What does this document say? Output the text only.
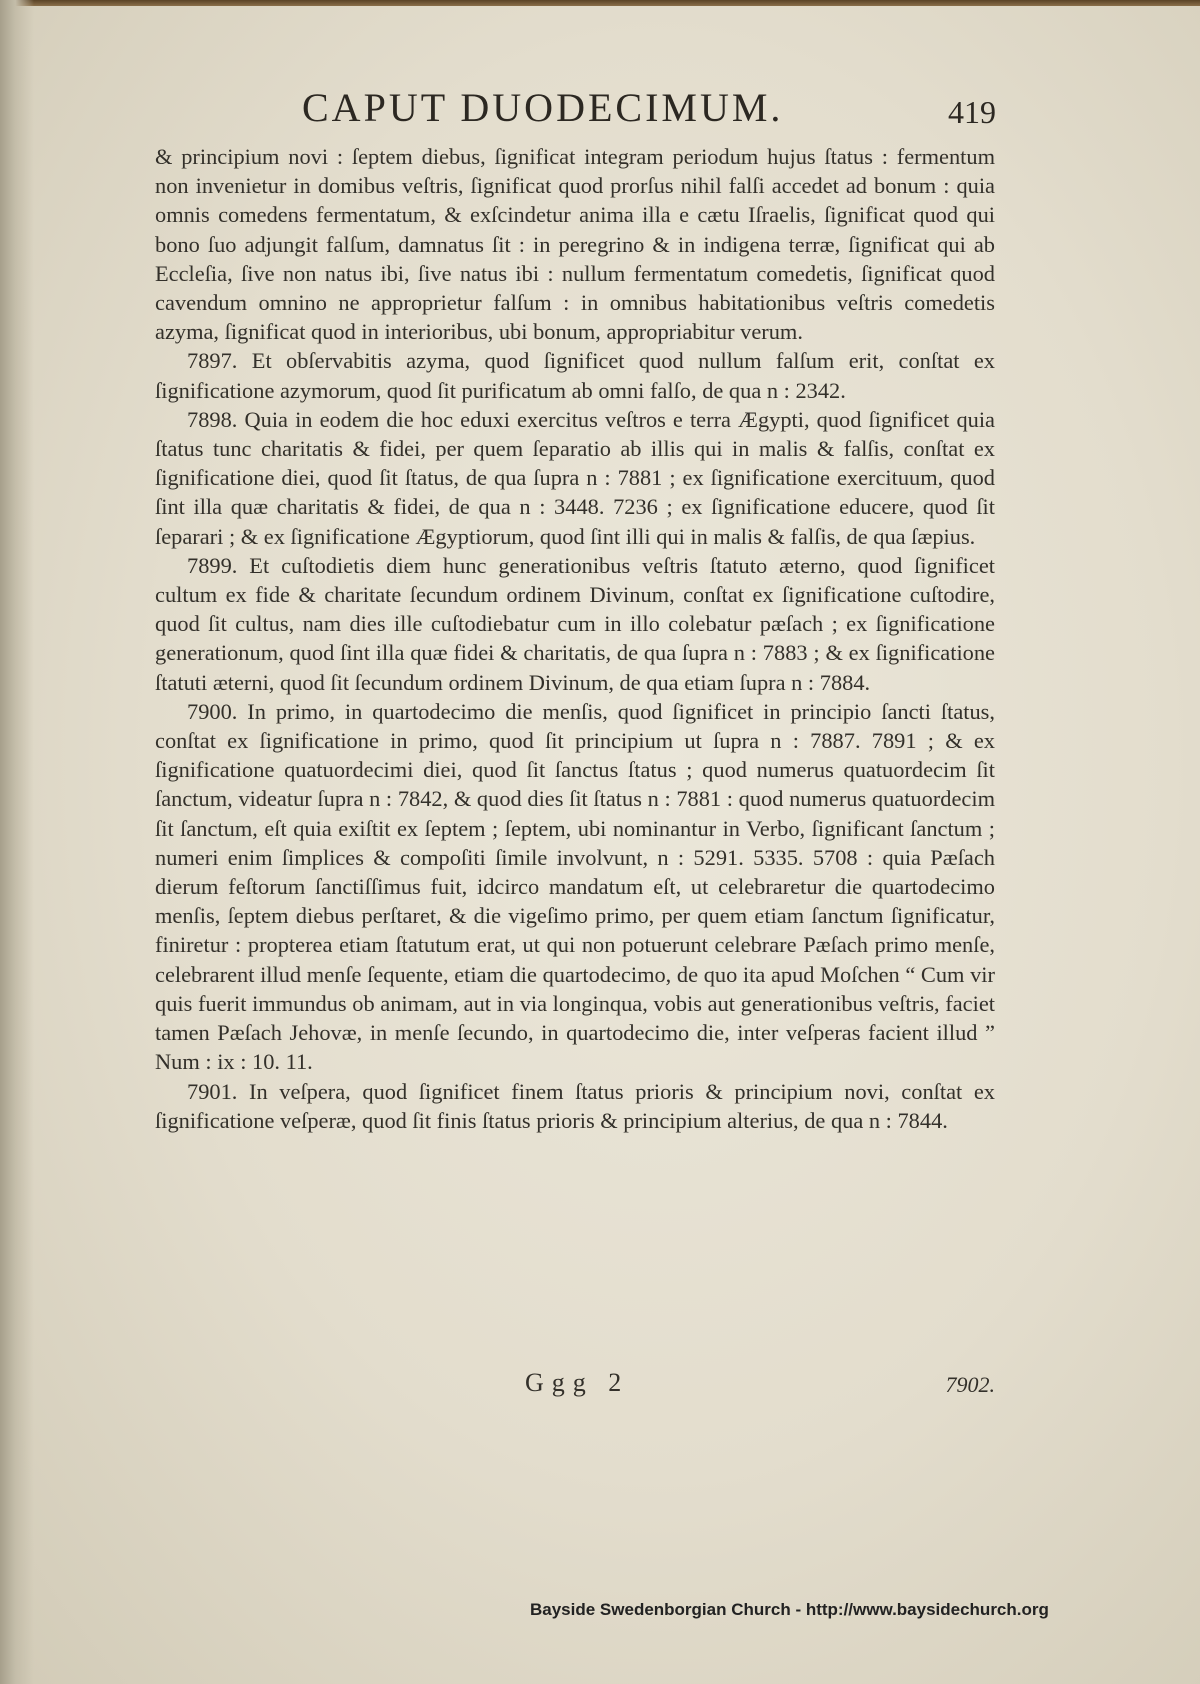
CAPUT DUODECIMUM.	419

& principium novi : ſeptem diebus, ſignificat integram periodum hujus ſtatus : fermentum non invenietur in domibus veſtris, ſignificat quod prorſus nihil falſi accedet ad bonum : quia omnis comedens fermentatum, & exſcindetur anima illa e cætu Iſraelis, ſignificat quod qui bono ſuo adjungit falſum, damnatus ſit : in peregrino & in indigena terræ, ſignificat qui ab Eccleſia, ſive non natus ibi, ſive natus ibi : nullum fermentatum comedetis, ſignificat quod cavendum omnino ne approprietur falſum : in omnibus habitationibus veſtris comedetis azyma, ſignificat quod in interioribus, ubi bonum, appropriabitur verum.

7897. Et obſervabitis azyma, quod ſignificet quod nullum falſum erit, conſtat ex ſignificatione azymorum, quod ſit purificatum ab omni falſo, de qua n : 2342.

7898. Quia in eodem die hoc eduxi exercitus veſtros e terra Ægypti, quod ſignificet quia ſtatus tunc charitatis & fidei, per quem ſeparatio ab illis qui in malis & falſis, conſtat ex ſignificatione diei, quod ſit ſtatus, de qua ſupra n : 7881 ; ex ſignificatione exercituum, quod ſint illa quæ charitatis & fidei, de qua n : 3448. 7236 ; ex ſignificatione educere, quod ſit ſeparari ; & ex ſignificatione Ægyptiorum, quod ſint illi qui in malis & falſis, de qua ſæpius.

7899. Et cuſtodietis diem hunc generationibus veſtris ſtatuto æterno, quod ſignificet cultum ex fide & charitate ſecundum ordinem Divinum, conſtat ex ſignificatione cuſtodire, quod ſit cultus, nam dies ille cuſtodiebatur cum in illo colebatur pæſach ; ex ſignificatione generationum, quod ſint illa quæ fidei & charitatis, de qua ſupra n : 7883 ; & ex ſignificatione ſtatuti æterni, quod ſit ſecundum ordinem Divinum, de qua etiam ſupra n : 7884.

7900. In primo, in quartodecimo die menſis, quod ſignificet in principio ſancti ſtatus, conſtat ex ſignificatione in primo, quod ſit principium ut ſupra n : 7887. 7891 ; & ex ſignificatione quatuordecimi diei, quod ſit ſanctus ſtatus ; quod numerus quatuordecim ſit ſanctum, videatur ſupra n : 7842, & quod dies ſit ſtatus n : 7881 : quod numerus quatuordecim ſit ſanctum, eſt quia exiſtit ex ſeptem ; ſeptem, ubi nominantur in Verbo, ſignificant ſanctum ; numeri enim ſimplices & compoſiti ſimile involvunt, n : 5291. 5335. 5708 : quia Pæſach dierum feſtorum ſanctiſſimus fuit, idcirco mandatum eſt, ut celebraretur die quartodecimo menſis, ſeptem diebus perſtaret, & die vigeſimo primo, per quem etiam ſanctum ſignificatur, finiretur : propterea etiam ſtatutum erat, ut qui non potuerunt celebrare Pæſach primo menſe, celebrarent illud menſe ſequente, etiam die quartodecimo, de quo ita apud Moſchen “ Cum vir quis fuerit immundus ob animam, aut in via longinqua, vobis aut generationibus veſtris, faciet tamen Pæſach Jehovæ, in menſe ſecundo, in quartodecimo die, inter veſperas facient illud ” Num : ix : 10. 11.

7901. In veſpera, quod ſignificet finem ſtatus prioris & principium novi, conſtat ex ſignificatione veſperæ, quod ſit finis ſtatus prioris & principium alterius, de qua n : 7844.

Ggg 2	7902.
Bayside Swedenborgian Church - http://www.baysidechurch.org
